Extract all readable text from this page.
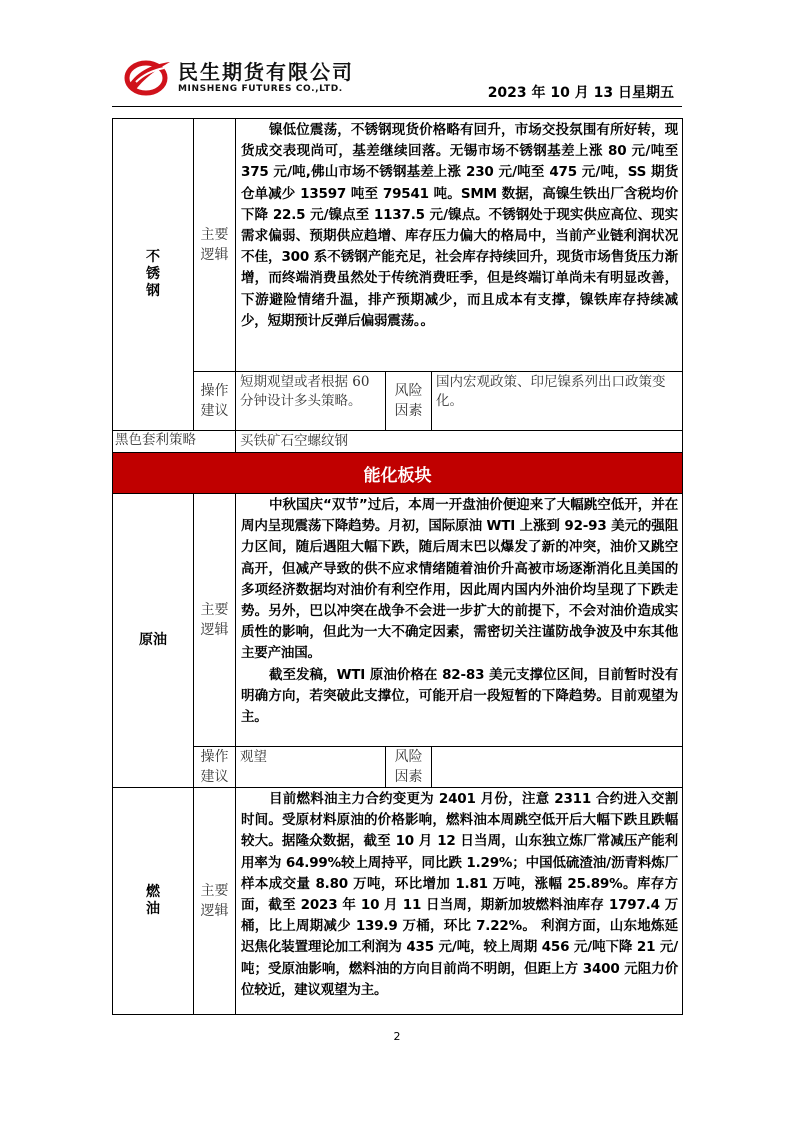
民生期货有限公司
MINSHENG FUTURES CO.,LTD.	2023 年 10 月 13 日星期五
不锈钢	主要逻辑	镍低位震荡，不锈钢现货价格略有回升，市场交投氛围有所好转，现货成交表现尚可，基差继续回落。无锡市场不锈钢基差上涨 80 元/吨至 375 元/吨,佛山市场不锈钢基差上涨 230 元/吨至 475 元/吨，SS 期货仓单减少 13597 吨至 79541 吨。SMM 数据，高镍生铁出厂含税均价下降 22.5 元/镍点至 1137.5 元/镍点。不锈钢处于现实供应高位、现实需求偏弱、预期供应趋增、库存压力偏大的格局中，当前产业链利润状况不佳，300 系不锈钢产能充足，社会库存持续回升，现货市场售货压力渐增，而终端消费虽然处于传统消费旺季，但是终端订单尚未有明显改善，下游避险情绪升温，排产预期减少，而且成本有支撑，镍铁库存持续减少，短期预计反弹后偏弱震荡。。		

	操作建议	短期观望或者根据 60 分钟设计多头策略。	风险因素	国内宏观政策、印尼镍系列出口政策变化。
黑色套利策略		买铁矿石空螺纹钢		
能化板块				
原油	主要逻辑	中秋国庆“双节”过后，本周一开盘油价便迎来了大幅跳空低开，并在周内呈现震荡下降趋势。月初，国际原油 WTI 上涨到 92-93 美元的强阻力区间，随后遇阻大幅下跌，随后周末巴以爆发了新的冲突，油价又跳空高开，但减产导致的供不应求情绪随着油价升高被市场逐渐消化且美国的多项经济数据均对油价有利空作用，因此周内国内外油价均呈现了下跌走势。另外，巴以冲突在战争不会进一步扩大的前提下，不会对油价造成实质性的影响，但此为一大不确定因素，需密切关注谨防战争波及中东其他主要产油国。

截至发稿，WTI 原油价格在 82-83 美元支撑位区间，目前暂时没有明确方向，若突破此支撑位，可能开启一段短暂的下降趋势。目前观望为主。		

	操作建议	观望	风险因素	
燃油	主要逻辑	目前燃料油主力合约变更为 2401 月份，注意 2311 合约进入交割时间。受原材料原油的价格影响，燃料油本周跳空低开后大幅下跌且跌幅较大。据隆众数据，截至 10 月 12 日当周，山东独立炼厂常减压产能利用率为 64.99%较上周持平，同比跌 1.29%；中国低硫渣油/沥青料炼厂样本成交量 8.80 万吨，环比增加 1.81 万吨，涨幅 25.89%。库存方面，截至 2023 年 10 月 11 日当周，期新加坡燃料油库存 1797.4 万桶，比上周期减少 139.9 万桶，环比 7.22%。 利润方面，山东地炼延迟焦化装置理论加工利润为 435 元/吨，较上周期 456 元/吨下降 21 元/吨；受原油影响，燃料油的方向目前尚不明朗，但距上方 3400 元阻力价位较近，建议观望为主。		

2
